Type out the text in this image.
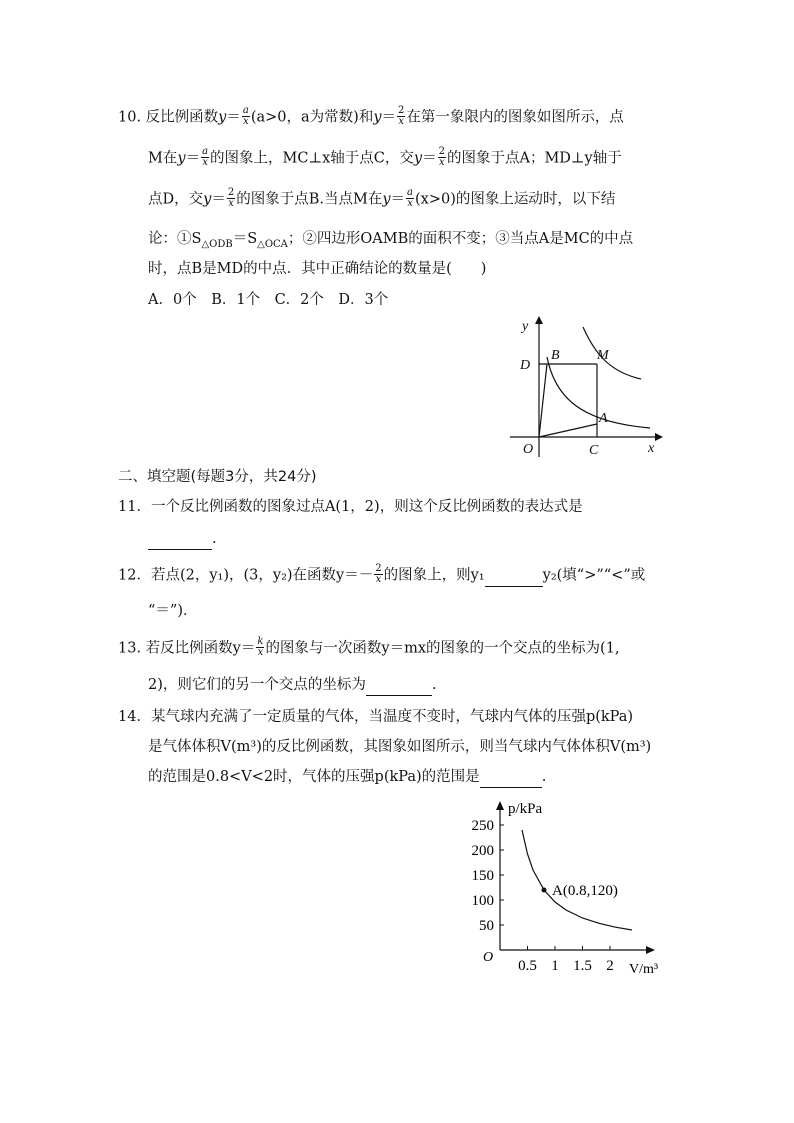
10. 反比例函数$y= \frac{a}{x} (a>0$，a为常数)和$y= \frac{2}{x}$ 在第一象限内的图象如图所示，点
M在$y= \frac{a}{x}$ 的图象上，MC⊥x轴于点C，交$y= \frac{2}{x}$ 的图象于点A；MD⊥y轴于
点D，交$y= \frac{2}{x}$ 的图象于点B.当点M在$y= \frac{a}{x} (x>0)$的图象上运动时，以下结
论：$①S_{\triangle ODB}=S_{\triangle OCA}$；②四边形OAMB的面积不变；③当点A是MC的中点
时，点B是MD的中点．其中正确结论的数量是(　　)
A．0个　B．1个　C．2个　D．3个
y
x
O
D
B	M
A
C
二、填空题(每题3分，共24分)
11．一个反比例函数的图象过点A(1，2)，则这个反比例函数的表达式是
.
12．若点(2，y₁)，(3，y₂)在函数$y=- \frac{2}{x}$ 的图象上，则y₁	y₂(填“>”“<”或
“＝”)．
13. 若反比例函数$y= \frac{k}{x}$ 的图象与一次函数y＝mx的图象的一个交点的坐标为(1,
2)，则它们的另一个交点的坐标为	.
14．某气球内充满了一定质量的气体，当温度不变时，气球内气体的压强p(kPa)
是气体体积V(m³)的反比例函数，其图象如图所示，则当气球内气体体积V(m³)
的范围是0.8<V<2时，气体的压强p(kPa)的范围是	.
0.5 1 1.5 2
50
100
150
200
250
A(0.8,120)
p/kPa
V/m³
O
